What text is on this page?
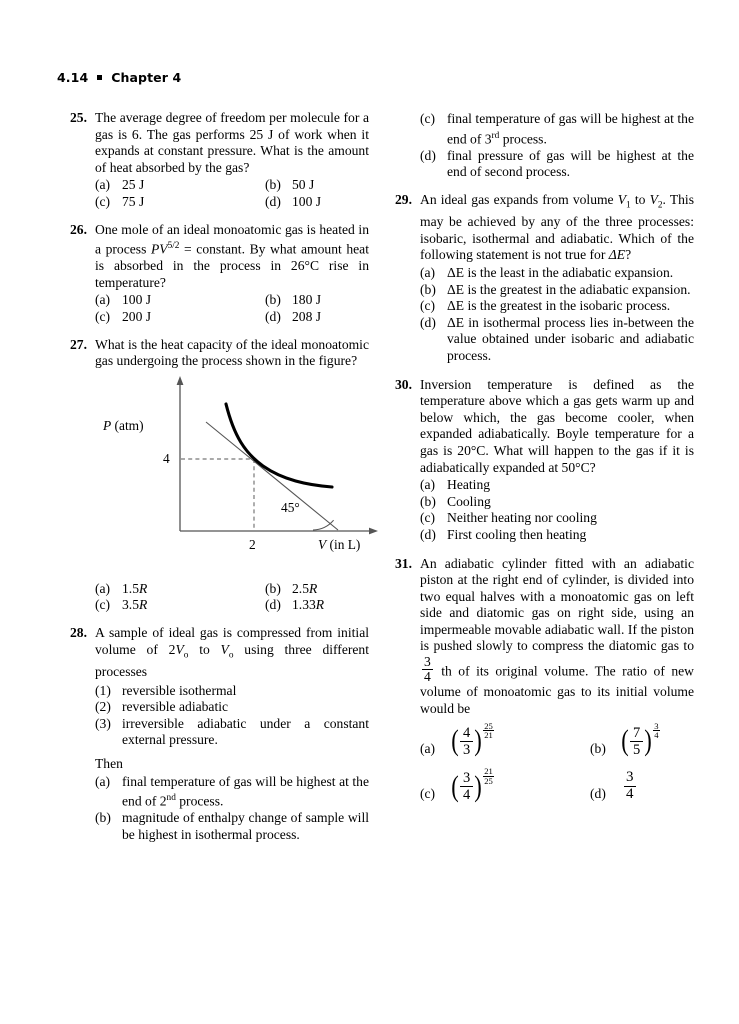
4.14 Chapter 4
25. The average degree of freedom per molecule for a gas is 6. The gas performs 25 J of work when it expands at constant pressure. What is the amount of heat absorbed by the gas?
(a) 25 J	(b) 50 J
(c) 75 J	(d) 100 J
26. One mole of an ideal monoatomic gas is heated in a process $PV^{5/2}$ = constant. By what amount heat is absorbed in the process in 26°C rise in temperature?
(a) 100 J	(b) 180 J
(c) 200 J	(d) 208 J
27. What is the heat capacity of the ideal monoatomic gas undergoing the process shown in the figure?
P (atm)
V (in L)
4
2
45°
(a) 1.5R	(b) 2.5R
(c) 3.5R	(d) 1.33R
28. A sample of ideal gas is compressed from initial volume of $2V_o$ to $V_o$ using three different processes
(1) reversible isothermal
(2) reversible adiabatic
(3) irreversible adiabatic under a constant external pressure.
Then
(a) final temperature of gas will be highest at the end of 2nd process.
(b) magnitude of enthalpy change of sample will be highest in isothermal process.
(c) final temperature of gas will be highest at the end of 3rd process.
(d) final pressure of gas will be highest at the end of second process.
29. An ideal gas expands from volume $V_1$ to $V_2$. This may be achieved by any of the three processes: isobaric, isothermal and adiabatic. Which of the following statement is not true for ΔE?
(a) ΔE is the least in the adiabatic expansion.
(b) ΔE is the greatest in the adiabatic expansion.
(c) ΔE is the greatest in the isobaric process.
(d) ΔE in isothermal process lies in-between the value obtained under isobaric and adiabatic process.
30. Inversion temperature is defined as the temperature above which a gas gets warm up and below which, the gas become cooler, when expanded adiabatically. Boyle temperature for a gas is 20°C. What will happen to the gas if it is adiabatically expanded at 50°C?
(a) Heating
(b) Cooling
(c) Neither heating nor cooling
(d) First cooling then heating
31. An adiabatic cylinder fitted with an adiabatic piston at the right end of cylinder, is divided into two equal halves with a monoatomic gas on left side and diatomic gas on right side, using an impermeable movable adiabatic wall. If the piston is pushed slowly to compress the diatomic gas to
$\frac{3}{4}$ th of its original volume. The ratio of new volume of monoatomic gas to its initial volume would be
(a) ( $\frac{4}{3}$ ) $\frac{25}{21}$
(b) ( $\frac{7}{5}$ ) $\frac{3}{4}$
(c) ( $\frac{3}{4}$ ) $\frac{21}{25}$
(d)	$\frac{3}{4}$
